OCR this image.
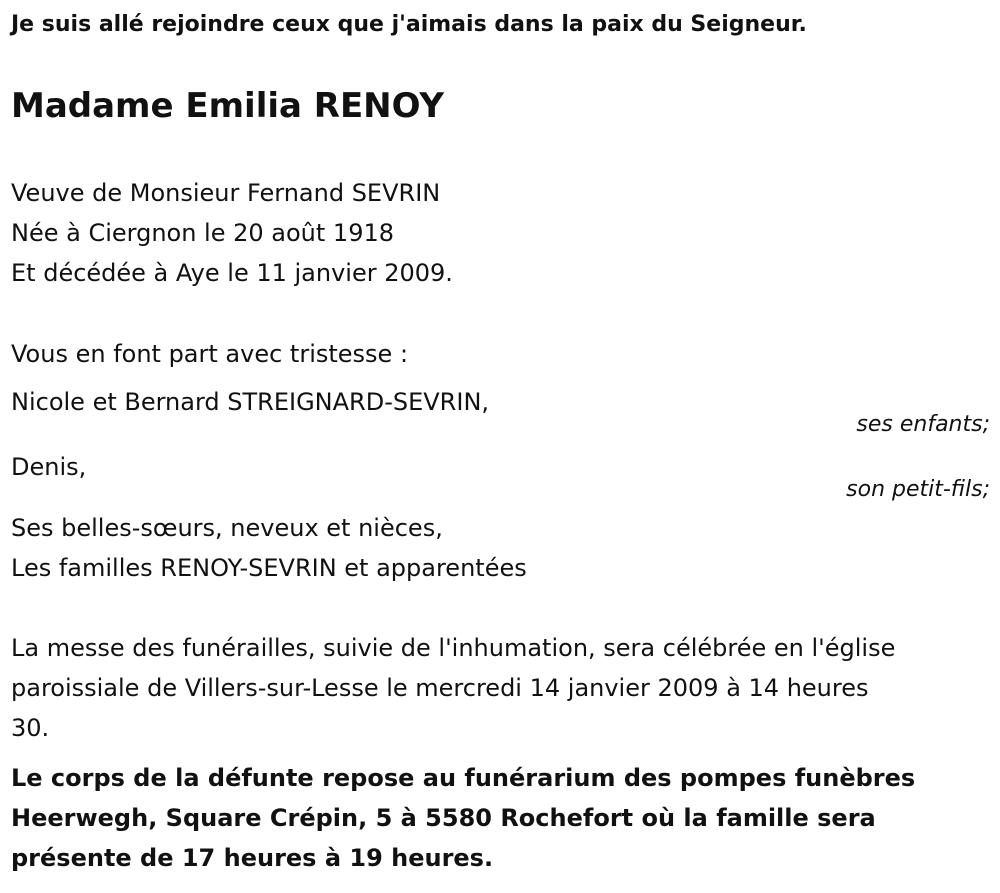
Je suis allé rejoindre ceux que j'aimais dans la paix du Seigneur.
Madame Emilia RENOY
Veuve de Monsieur Fernand SEVRIN
Née à Ciergnon le 20 août 1918
Et décédée à Aye le 11 janvier 2009.
Vous en font part avec tristesse :
Nicole et Bernard STREIGNARD-SEVRIN,
ses enfants;
Denis,
son petit-fils;
Ses belles-sœurs, neveux et nièces,
Les familles RENOY-SEVRIN et apparentées
La messe des funérailles, suivie de l'inhumation, sera célébrée en l'église
paroissiale de Villers-sur-Lesse le mercredi 14 janvier 2009 à 14 heures
30.
Le corps de la défunte repose au funérarium des pompes funèbres
Heerwegh, Square Crépin, 5 à 5580 Rochefort où la famille sera
présente de 17 heures à 19 heures.
